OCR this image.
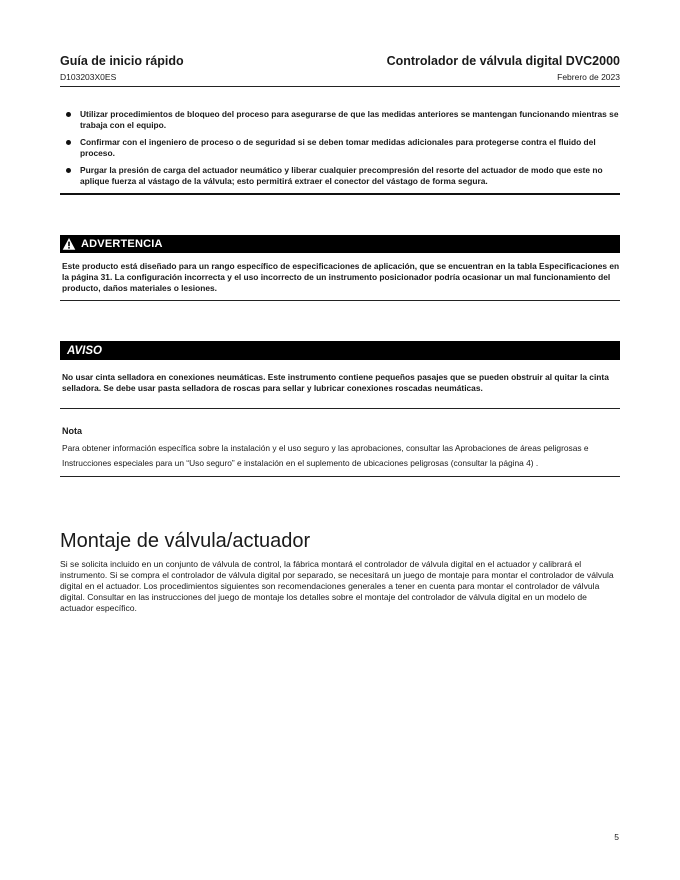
Guía de inicio rápido
D103203X0ES
Controlador de válvula digital DVC2000
Febrero de 2023
Utilizar procedimientos de bloqueo del proceso para asegurarse de que las medidas anteriores se mantengan funcionando mientras se trabaja con el equipo.
Confirmar con el ingeniero de proceso o de seguridad si se deben tomar medidas adicionales para protegerse contra el fluido del proceso.
Purgar la presión de carga del actuador neumático y liberar cualquier precompresión del resorte del actuador de modo que este no aplique fuerza al vástago de la válvula; esto permitirá extraer el conector del vástago de forma segura.
ADVERTENCIA
Este producto está diseñado para un rango específico de especificaciones de aplicación, que se encuentran en la tabla Especificaciones en la página 31. La configuración incorrecta y el uso incorrecto de un instrumento posicionador podría ocasionar un mal funcionamiento del producto, daños materiales o lesiones.
AVISO
No usar cinta selladora en conexiones neumáticas. Este instrumento contiene pequeños pasajes que se pueden obstruir al quitar la cinta selladora. Se debe usar pasta selladora de roscas para sellar y lubricar conexiones roscadas neumáticas.
Nota
Para obtener información específica sobre la instalación y el uso seguro y las aprobaciones, consultar las Aprobaciones de áreas peligrosas e Instrucciones especiales para un “Uso seguro” e instalación en el suplemento de ubicaciones peligrosas (consultar la página 4) .
Montaje de válvula/actuador
Si se solicita incluido en un conjunto de válvula de control, la fábrica montará el controlador de válvula digital en el actuador y calibrará el instrumento. Si se compra el controlador de válvula digital por separado, se necesitará un juego de montaje para montar el controlador de válvula digital en el actuador. Los procedimientos siguientes son recomendaciones generales a tener en cuenta para montar el controlador de válvula digital. Consultar en las instrucciones del juego de montaje los detalles sobre el montaje del controlador de válvula digital en un modelo de actuador específico.
5
